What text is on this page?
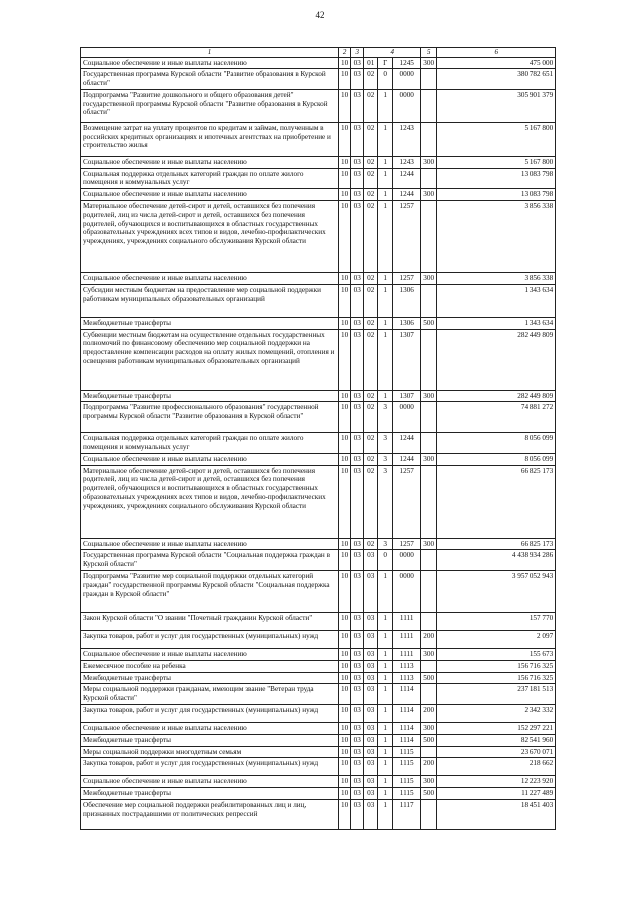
42
1	2	3	4			5	6
Социальное обеспечение и иные выплаты населению	10	03	01	Г	1245	300	475 000
Государственная программа Курской области "Развитие образования в Курской области"	10	03	02	0	0000		380 782 651
Подпрограмма "Развитие дошкольного и общего образования детей" государственной программы Курской области "Развитие образования в Курской области"	10	03	02	1	0000		305 901 379
Возмещение затрат на уплату процентов по кредитам и займам, полученным в российских кредитных организациях и ипотечных агентствах на приобретение и строительство жилья	10	03	02	1	1243		5 167 800
Социальное обеспечение и иные выплаты населению	10	03	02	1	1243	300	5 167 800
Социальная поддержка отдельных категорий граждан по оплате жилого помещения и коммунальных услуг	10	03	02	1	1244		13 083 798
Социальное обеспечение и иные выплаты населению	10	03	02	1	1244	300	13 083 798
Материальное обеспечение детей-сирот и детей, оставшихся без попечения родителей, лиц из числа детей-сирот и детей, оставшихся без попечения родителей, обучающихся и воспитывающихся в областных государственных образовательных учреждениях всех типов и видов, лечебно-профилактических учреждениях, учреждениях социального обслуживания Курской области	10	03	02	1	1257		3 856 338
Социальное обеспечение и иные выплаты населению	10	03	02	1	1257	300	3 856 338
Субсидии местным бюджетам на предоставление мер социальной поддержки работникам муниципальных образовательных организаций	10	03	02	1	1306		1 343 634
Межбюджетные трансферты	10	03	02	1	1306	500	1 343 634
Субвенции местным бюджетам на осуществление отдельных государственных полномочий по финансовому обеспечению мер социальной поддержки на предоставление компенсации расходов на оплату жилых помещений, отопления и освещения работникам муниципальных образовательных организаций	10	03	02	1	1307		282 449 809
Межбюджетные трансферты	10	03	02	1	1307	300	282 449 809
Подпрограмма "Развитие профессионального образования" государственной программы Курской области "Развитие образования в Курской области"	10	03	02	3	0000		74 881 272
Социальная поддержка отдельных категорий граждан по оплате жилого помещения и коммунальных услуг	10	03	02	3	1244		8 056 099
Социальное обеспечение и иные выплаты населению	10	03	02	3	1244	300	8 056 099
Материальное обеспечение детей-сирот и детей, оставшихся без попечения родителей, лиц из числа детей-сирот и детей, оставшихся без попечения родителей, обучающихся и воспитывающихся в областных государственных образовательных учреждениях всех типов и видов, лечебно-профилактических учреждениях, учреждениях социального обслуживания Курской области	10	03	02	3	1257		66 825 173
Социальное обеспечение и иные выплаты населению	10	03	02	3	1257	300	66 825 173
Государственная программа Курской области "Социальная поддержка граждан в Курской области"	10	03	03	0	0000		4 438 934 286
Подпрограмма "Развитие мер социальной поддержки отдельных категорий граждан" государственной программы Курской области "Социальная поддержка граждан в Курской области"	10	03	03	1	0000		3 957 052 943
Закон Курской области "О звании "Почетный гражданин Курской области"	10	03	03	1	1111		157 770
Закупка товаров, работ и услуг для государственных (муниципальных) нужд	10	03	03	1	1111	200	2 097
Социальное обеспечение и иные выплаты населению	10	03	03	1	1111	300	155 673
Ежемесячное пособие на ребенка	10	03	03	1	1113		156 716 325
Межбюджетные трансферты	10	03	03	1	1113	500	156 716 325
Меры социальной поддержки гражданам, имеющим звание "Ветеран труда Курской области"	10	03	03	1	1114		237 181 513
Закупка товаров, работ и услуг для государственных (муниципальных) нужд	10	03	03	1	1114	200	2 342 332
Социальное обеспечение и иные выплаты населению	10	03	03	1	1114	300	152 297 221
Межбюджетные трансферты	10	03	03	1	1114	500	82 541 960
Меры социальной поддержки многодетным семьям	10	03	03	1	1115		23 670 071
Закупка товаров, работ и услуг для государственных (муниципальных) нужд	10	03	03	1	1115	200	218 662
Социальное обеспечение и иные выплаты населению	10	03	03	1	1115	300	12 223 920
Межбюджетные трансферты	10	03	03	1	1115	500	11 227 489
Обеспечение мер социальной поддержки реабилитированных лиц и лиц, признанных пострадавшими от политических репрессий	10	03	03	1	1117		18 451 403
